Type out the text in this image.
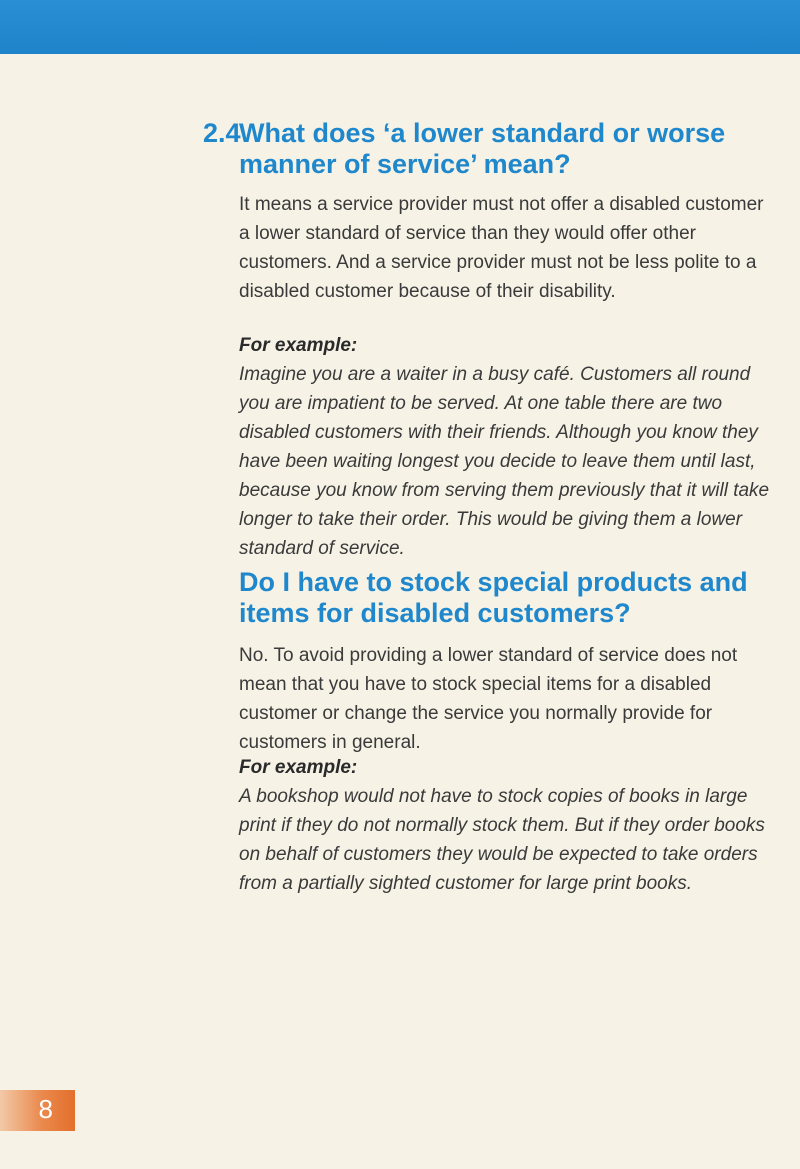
2.4
What does ‘a lower standard or worse manner of service’ mean?

It means a service provider must not offer a disabled customer a lower standard of service than they would offer other customers. And a service provider must not be less polite to a disabled customer because of their disability.

For example:

Imagine you are a waiter in a busy café. Customers all round you are impatient to be served. At one table there are two disabled customers with their friends. Although you know they have been waiting longest you decide to leave them until last, because you know from serving them previously that it will take longer to take their order. This would be giving them a lower standard of service.

Do I have to stock special products and items for disabled customers?

No. To avoid providing a lower standard of service does not mean that you have to stock special items for a disabled customer or change the service you normally provide for customers in general.

For example:

A bookshop would not have to stock copies of books in large print if they do not normally stock them. But if they order books on behalf of customers they would be expected to take orders from a partially sighted customer for large print books.

8
